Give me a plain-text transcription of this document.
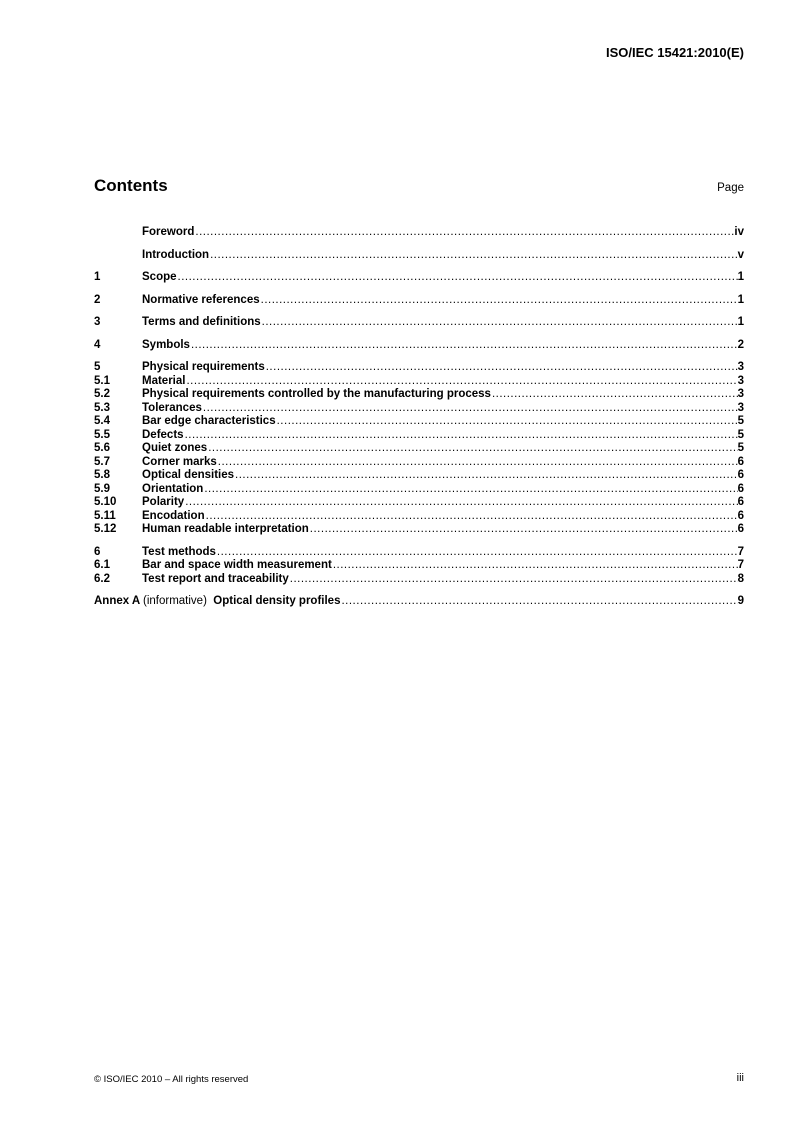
ISO/IEC 15421:2010(E)
Contents	Page
Foreword .....	iv
Introduction .....	v
1	Scope .....	1
2	Normative references .....	1
3	Terms and definitions .....	1
4	Symbols .....	2
5	Physical requirements .....	3
5.1	Material .....	3
5.2	Physical requirements controlled by the manufacturing process .....	3
5.3	Tolerances .....	3
5.4	Bar edge characteristics .....	5
5.5	Defects .....	5
5.6	Quiet zones .....	5
5.7	Corner marks .....	6
5.8	Optical densities .....	6
5.9	Orientation .....	6
5.10	Polarity .....	6
5.11	Encodation .....	6
5.12	Human readable interpretation .....	6
6	Test methods .....	7
6.1	Bar and space width measurement .....	7
6.2	Test report and traceability .....	8
Annex A (informative) Optical density profiles .....	9
© ISO/IEC 2010 – All rights reserved	iii
